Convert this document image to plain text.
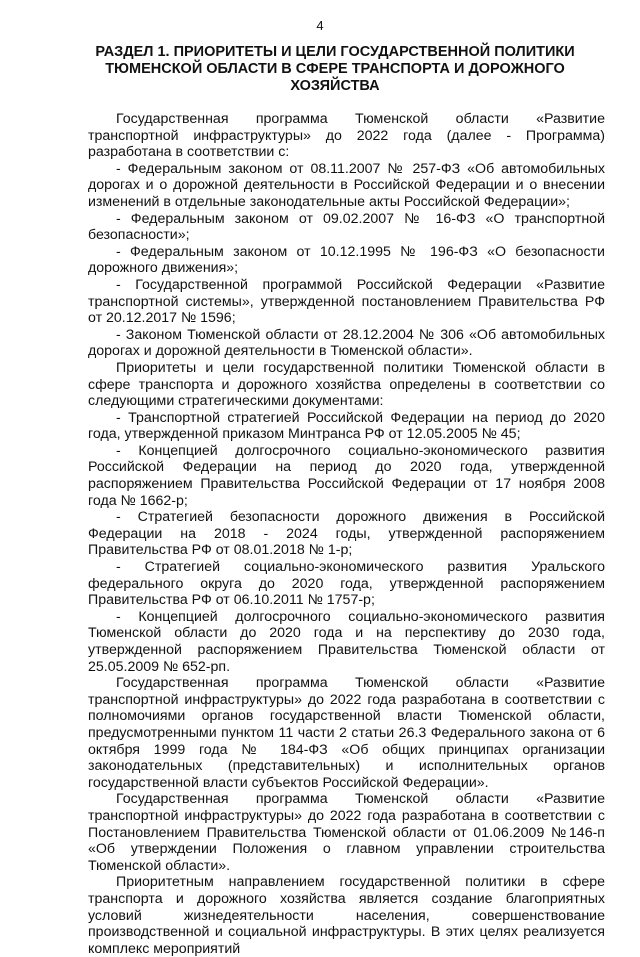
4
РАЗДЕЛ 1. ПРИОРИТЕТЫ И ЦЕЛИ ГОСУДАРСТВЕННОЙ ПОЛИТИКИ ТЮМЕНСКОЙ ОБЛАСТИ В СФЕРЕ ТРАНСПОРТА И ДОРОЖНОГО ХОЗЯЙСТВА

Государственная программа Тюменской области «Развитие транспортной инфраструктуры» до 2022 года (далее - Программа) разработана в соответствии с:

- Федеральным законом от 08.11.2007 № 257-ФЗ «Об автомобильных дорогах и о дорожной деятельности в Российской Федерации и о внесении изменений в отдельные законодательные акты Российской Федерации»;

- Федеральным законом от 09.02.2007 № 16-ФЗ «О транспортной безопасности»;

- Федеральным законом от 10.12.1995 № 196-ФЗ «О безопасности дорожного движения»;

- Государственной программой Российской Федерации «Развитие транспортной системы», утвержденной постановлением Правительства РФ от 20.12.2017 № 1596;

- Законом Тюменской области от 28.12.2004 № 306 «Об автомобильных дорогах и дорожной деятельности в Тюменской области».

Приоритеты и цели государственной политики Тюменской области в сфере транспорта и дорожного хозяйства определены в соответствии со следующими стратегическими документами:

- Транспортной стратегией Российской Федерации на период до 2020 года, утвержденной приказом Минтранса РФ от 12.05.2005 № 45;

- Концепцией долгосрочного социально-экономического развития Российской Федерации на период до 2020 года, утвержденной распоряжением Правительства Российской Федерации от 17 ноября 2008 года № 1662-р;

- Стратегией безопасности дорожного движения в Российской Федерации на 2018 - 2024 годы, утвержденной распоряжением Правительства РФ от 08.01.2018 № 1-р;

- Стратегией социально-экономического развития Уральского федерального округа до 2020 года, утвержденной распоряжением Правительства РФ от 06.10.2011 № 1757-р;

- Концепцией долгосрочного социально-экономического развития Тюменской области до 2020 года и на перспективу до 2030 года, утвержденной распоряжением Правительства Тюменской области от 25.05.2009 № 652-рп.

Государственная программа Тюменской области «Развитие транспортной инфраструктуры» до 2022 года разработана в соответствии с полномочиями органов государственной власти Тюменской области, предусмотренными пунктом 11 части 2 статьи 26.3 Федерального закона от 6 октября 1999 года № 184-ФЗ «Об общих принципах организации законодательных (представительных) и исполнительных органов государственной власти субъектов Российской Федерации».

Государственная программа Тюменской области «Развитие транспортной инфраструктуры» до 2022 года разработана в соответствии с Постановлением Правительства Тюменской области от 01.06.2009 №146-п «Об утверждении Положения о главном управлении строительства Тюменской области».

Приоритетным направлением государственной политики в сфере транспорта и дорожного хозяйства является создание благоприятных условий жизнедеятельности населения, совершенствование производственной и социальной инфраструктуры. В этих целях реализуется комплекс мероприятий
